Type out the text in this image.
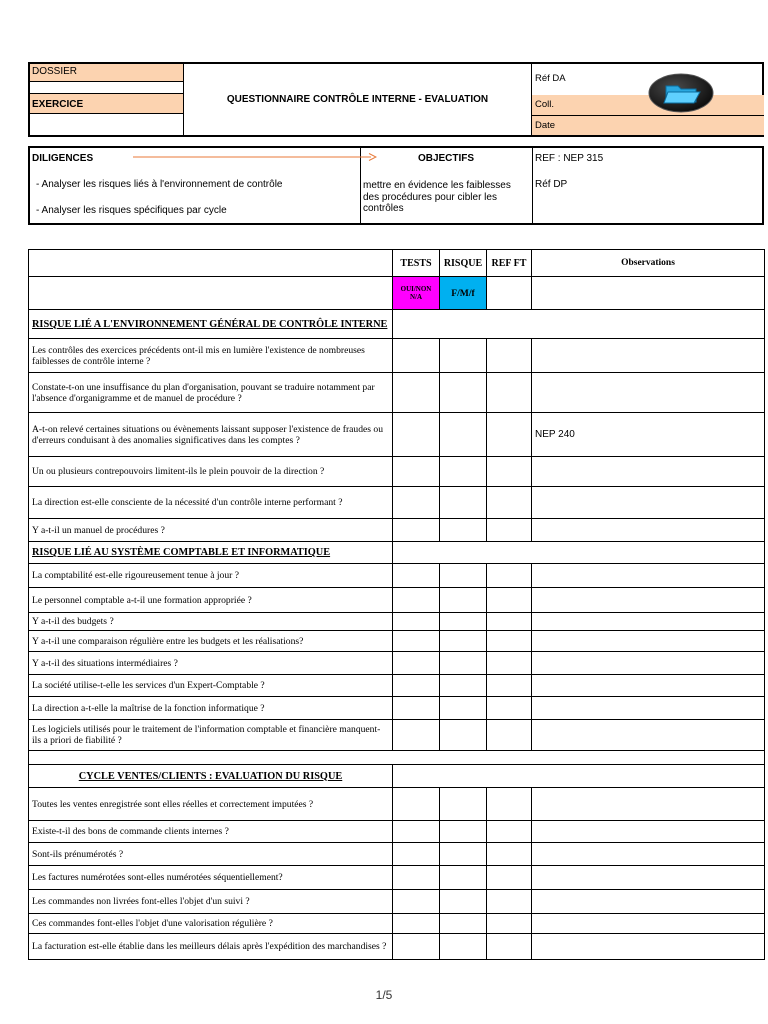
DOSSIER
EXERCICE	QUESTIONNAIRE CONTRÔLE INTERNE - EVALUATION
Réf DA
Coll.
Date
DILIGENCES	OBJECTIFS	REF : NEP 315
Réf DP
- Analyser les risques liés à l'environnement de contrôle
- Analyser les risques spécifiques par cycle
mettre en évidence les faiblesses des procédures pour cibler les contrôles
	TESTS	RISQUE	REF FT	Observations
	OUI/NON N/A	F/M/f		
RISQUE LIÉ A L'ENVIRONNEMENT GÉNÉRAL DE CONTRÔLE INTERNE				
Les contrôles des exercices précédents ont-il mis en lumière l'existence de nombreuses faiblesses de contrôle interne ?				
Constate-t-on une insuffisance du plan d'organisation, pouvant se traduire notamment par l'absence d'organigramme et de manuel de procédure ?				
A-t-on relevé certaines situations ou évènements laissant supposer l'existence de fraudes ou d'erreurs conduisant à des anomalies significatives dans les comptes ?				NEP 240
Un ou plusieurs contrepouvoirs limitent-ils le plein pouvoir de la direction ?				
La direction est-elle consciente de la nécessité d'un contrôle interne performant ?				
Y a-t-il un manuel de procédures ?				
RISQUE LIÉ AU SYSTÈME COMPTABLE ET INFORMATIQUE				
La comptabilité est-elle rigoureusement tenue à jour ?				
Le personnel comptable a-t-il une formation appropriée ?				
Y a-t-il des budgets ?				
Y a-t-il une comparaison régulière entre les budgets et les réalisations?				
Y a-t-il des situations intermédiaires ?				
La société utilise-t-elle les services d'un Expert-Comptable ?				
La direction a-t-elle la maîtrise de la fonction informatique ?				
Les logiciels utilisés pour le traitement de l'information comptable et financière manquent-ils a priori de fiabilité ?				

CYCLE VENTES/CLIENTS : EVALUATION DU RISQUE				
Toutes les ventes enregistrée sont elles réelles et correctement imputées ?				
Existe-t-il des bons de commande clients internes ?				
Sont-ils prénumérotés ?				
Les factures numérotées sont-elles numérotées séquentiellement?				
Les commandes non livrées font-elles l'objet d'un suivi ?				
Ces commandes font-elles l'objet d'une valorisation régulière ?				
La facturation est-elle établie dans les meilleurs délais après l'expédition des marchandises ?				
1/5
